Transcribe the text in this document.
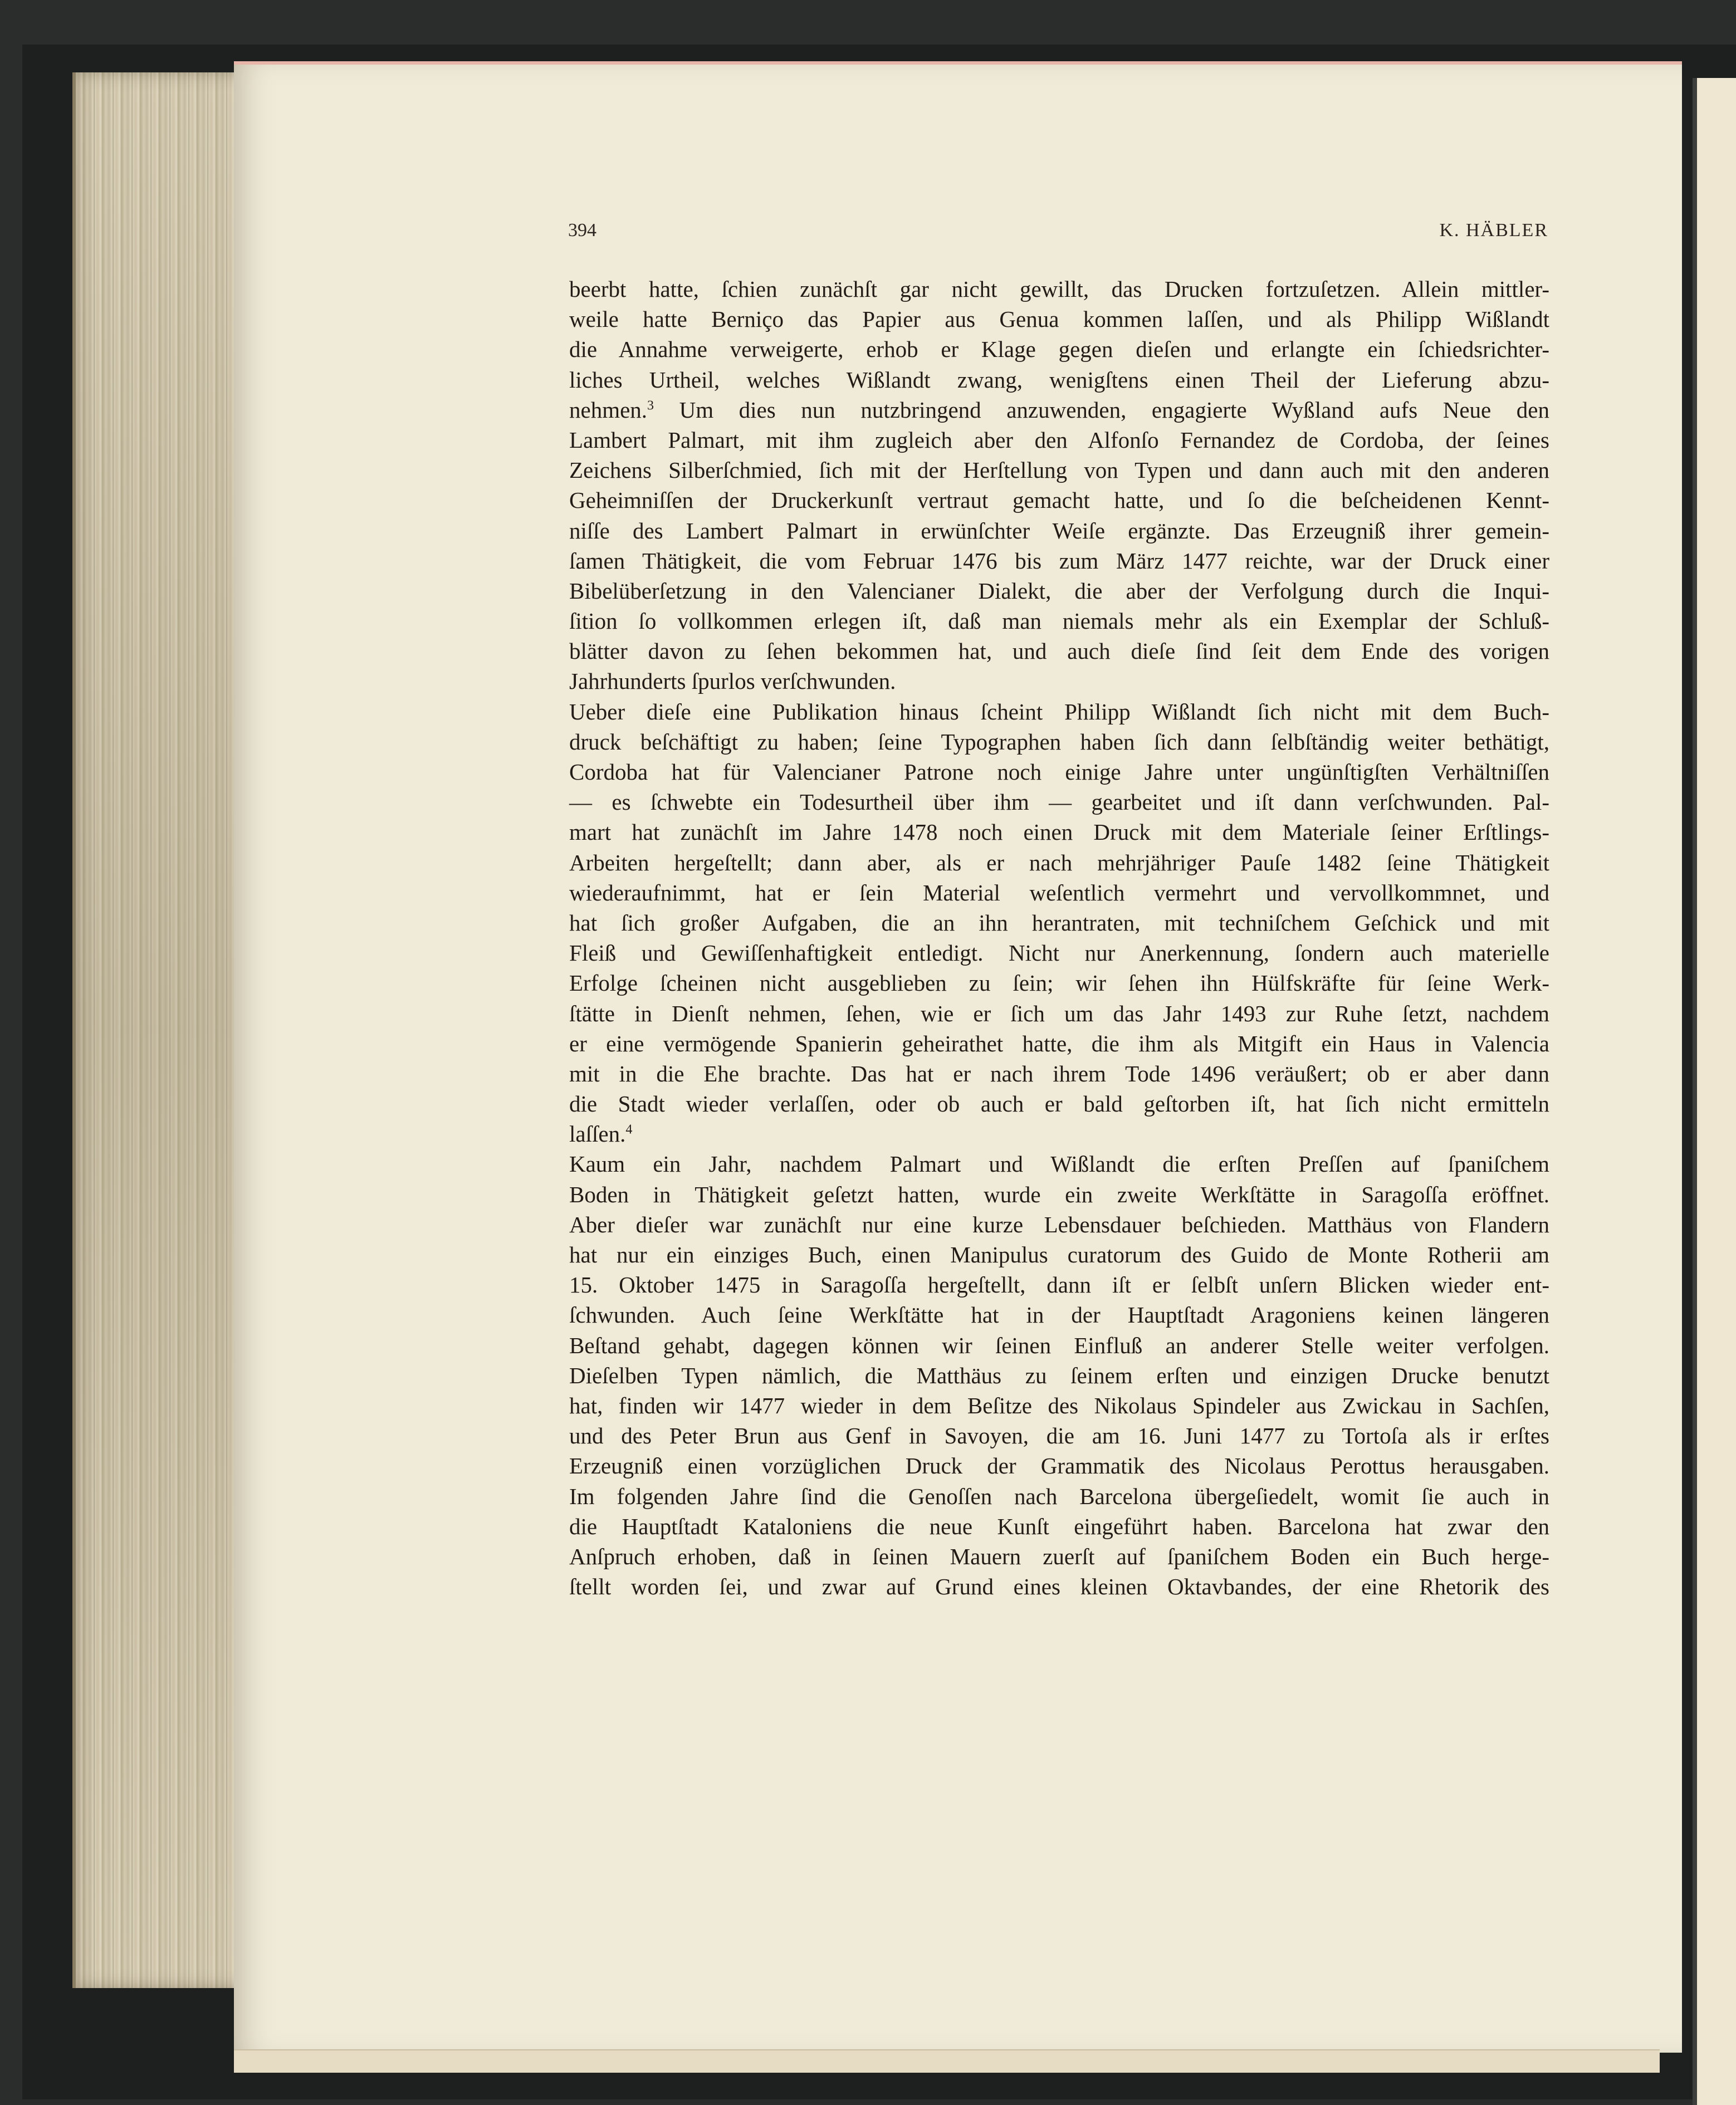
394	K. HÄBLER
beerbt hatte, ſchien zunächſt gar nicht gewillt, das Drucken fortzuſetzen. Allein mittler-
weile hatte Berniço das Papier aus Genua kommen laſſen, und als Philipp Wißlandt
die Annahme verweigerte, erhob er Klage gegen dieſen und erlangte ein ſchiedsrichter-
liches Urtheil, welches Wißlandt zwang, wenigſtens einen Theil der Lieferung abzu-
nehmen.$^3$ Um dies nun nutzbringend anzuwenden, engagierte Wyßland aufs Neue den
Lambert Palmart, mit ihm zugleich aber den Alfonſo Fernandez de Cordoba, der ſeines
Zeichens Silberſchmied, ſich mit der Herſtellung von Typen und dann auch mit den anderen
Geheimniſſen der Druckerkunſt vertraut gemacht hatte, und ſo die beſcheidenen Kennt-
niſſe des Lambert Palmart in erwünſchter Weiſe ergänzte. Das Erzeugniß ihrer gemein-
ſamen Thätigkeit, die vom Februar 1476 bis zum März 1477 reichte, war der Druck einer
Bibelüberſetzung in den Valencianer Dialekt, die aber der Verfolgung durch die Inqui-
ſition ſo vollkommen erlegen iſt, daß man niemals mehr als ein Exemplar der Schluß-
blätter davon zu ſehen bekommen hat, und auch dieſe ſind ſeit dem Ende des vorigen
Jahrhunderts ſpurlos verſchwunden.
Ueber dieſe eine Publikation hinaus ſcheint Philipp Wißlandt ſich nicht mit dem Buch-
druck beſchäftigt zu haben; ſeine Typographen haben ſich dann ſelbſtändig weiter bethätigt,
Cordoba hat für Valencianer Patrone noch einige Jahre unter ungünſtigſten Verhältniſſen
— es ſchwebte ein Todesurtheil über ihm — gearbeitet und iſt dann verſchwunden. Pal-
mart hat zunächſt im Jahre 1478 noch einen Druck mit dem Materiale ſeiner Erſtlings-
Arbeiten hergeſtellt; dann aber, als er nach mehrjähriger Pauſe 1482 ſeine Thätigkeit
wiederaufnimmt, hat er ſein Material weſentlich vermehrt und vervollkommnet, und
hat ſich großer Aufgaben, die an ihn herantraten, mit techniſchem Geſchick und mit
Fleiß und Gewiſſenhaftigkeit entledigt. Nicht nur Anerkennung, ſondern auch materielle
Erfolge ſcheinen nicht ausgeblieben zu ſein; wir ſehen ihn Hülfskräfte für ſeine Werk-
ſtätte in Dienſt nehmen, ſehen, wie er ſich um das Jahr 1493 zur Ruhe ſetzt, nachdem
er eine vermögende Spanierin geheirathet hatte, die ihm als Mitgift ein Haus in Valencia
mit in die Ehe brachte. Das hat er nach ihrem Tode 1496 veräußert; ob er aber dann
die Stadt wieder verlaſſen, oder ob auch er bald geſtorben iſt, hat ſich nicht ermitteln
laſſen.$^4$
Kaum ein Jahr, nachdem Palmart und Wißlandt die erſten Preſſen auf ſpaniſchem
Boden in Thätigkeit geſetzt hatten, wurde ein zweite Werkſtätte in Saragoſſa eröffnet.
Aber dieſer war zunächſt nur eine kurze Lebensdauer beſchieden. Matthäus von Flandern
hat nur ein einziges Buch, einen Manipulus curatorum des Guido de Monte Rotherii am
15. Oktober 1475 in Saragoſſa hergeſtellt, dann iſt er ſelbſt unſern Blicken wieder ent-
ſchwunden. Auch ſeine Werkſtätte hat in der Hauptſtadt Aragoniens keinen längeren
Beſtand gehabt, dagegen können wir ſeinen Einfluß an anderer Stelle weiter verfolgen.
Dieſelben Typen nämlich, die Matthäus zu ſeinem erſten und einzigen Drucke benutzt
hat, finden wir 1477 wieder in dem Beſitze des Nikolaus Spindeler aus Zwickau in Sachſen,
und des Peter Brun aus Genf in Savoyen, die am 16. Juni 1477 zu Tortoſa als ir erſtes
Erzeugniß einen vorzüglichen Druck der Grammatik des Nicolaus Perottus herausgaben.
Im folgenden Jahre ſind die Genoſſen nach Barcelona übergeſiedelt, womit ſie auch in
die Hauptſtadt Kataloniens die neue Kunſt eingeführt haben. Barcelona hat zwar den
Anſpruch erhoben, daß in ſeinen Mauern zuerſt auf ſpaniſchem Boden ein Buch herge-
ſtellt worden ſei, und zwar auf Grund eines kleinen Oktavbandes, der eine Rhetorik des
